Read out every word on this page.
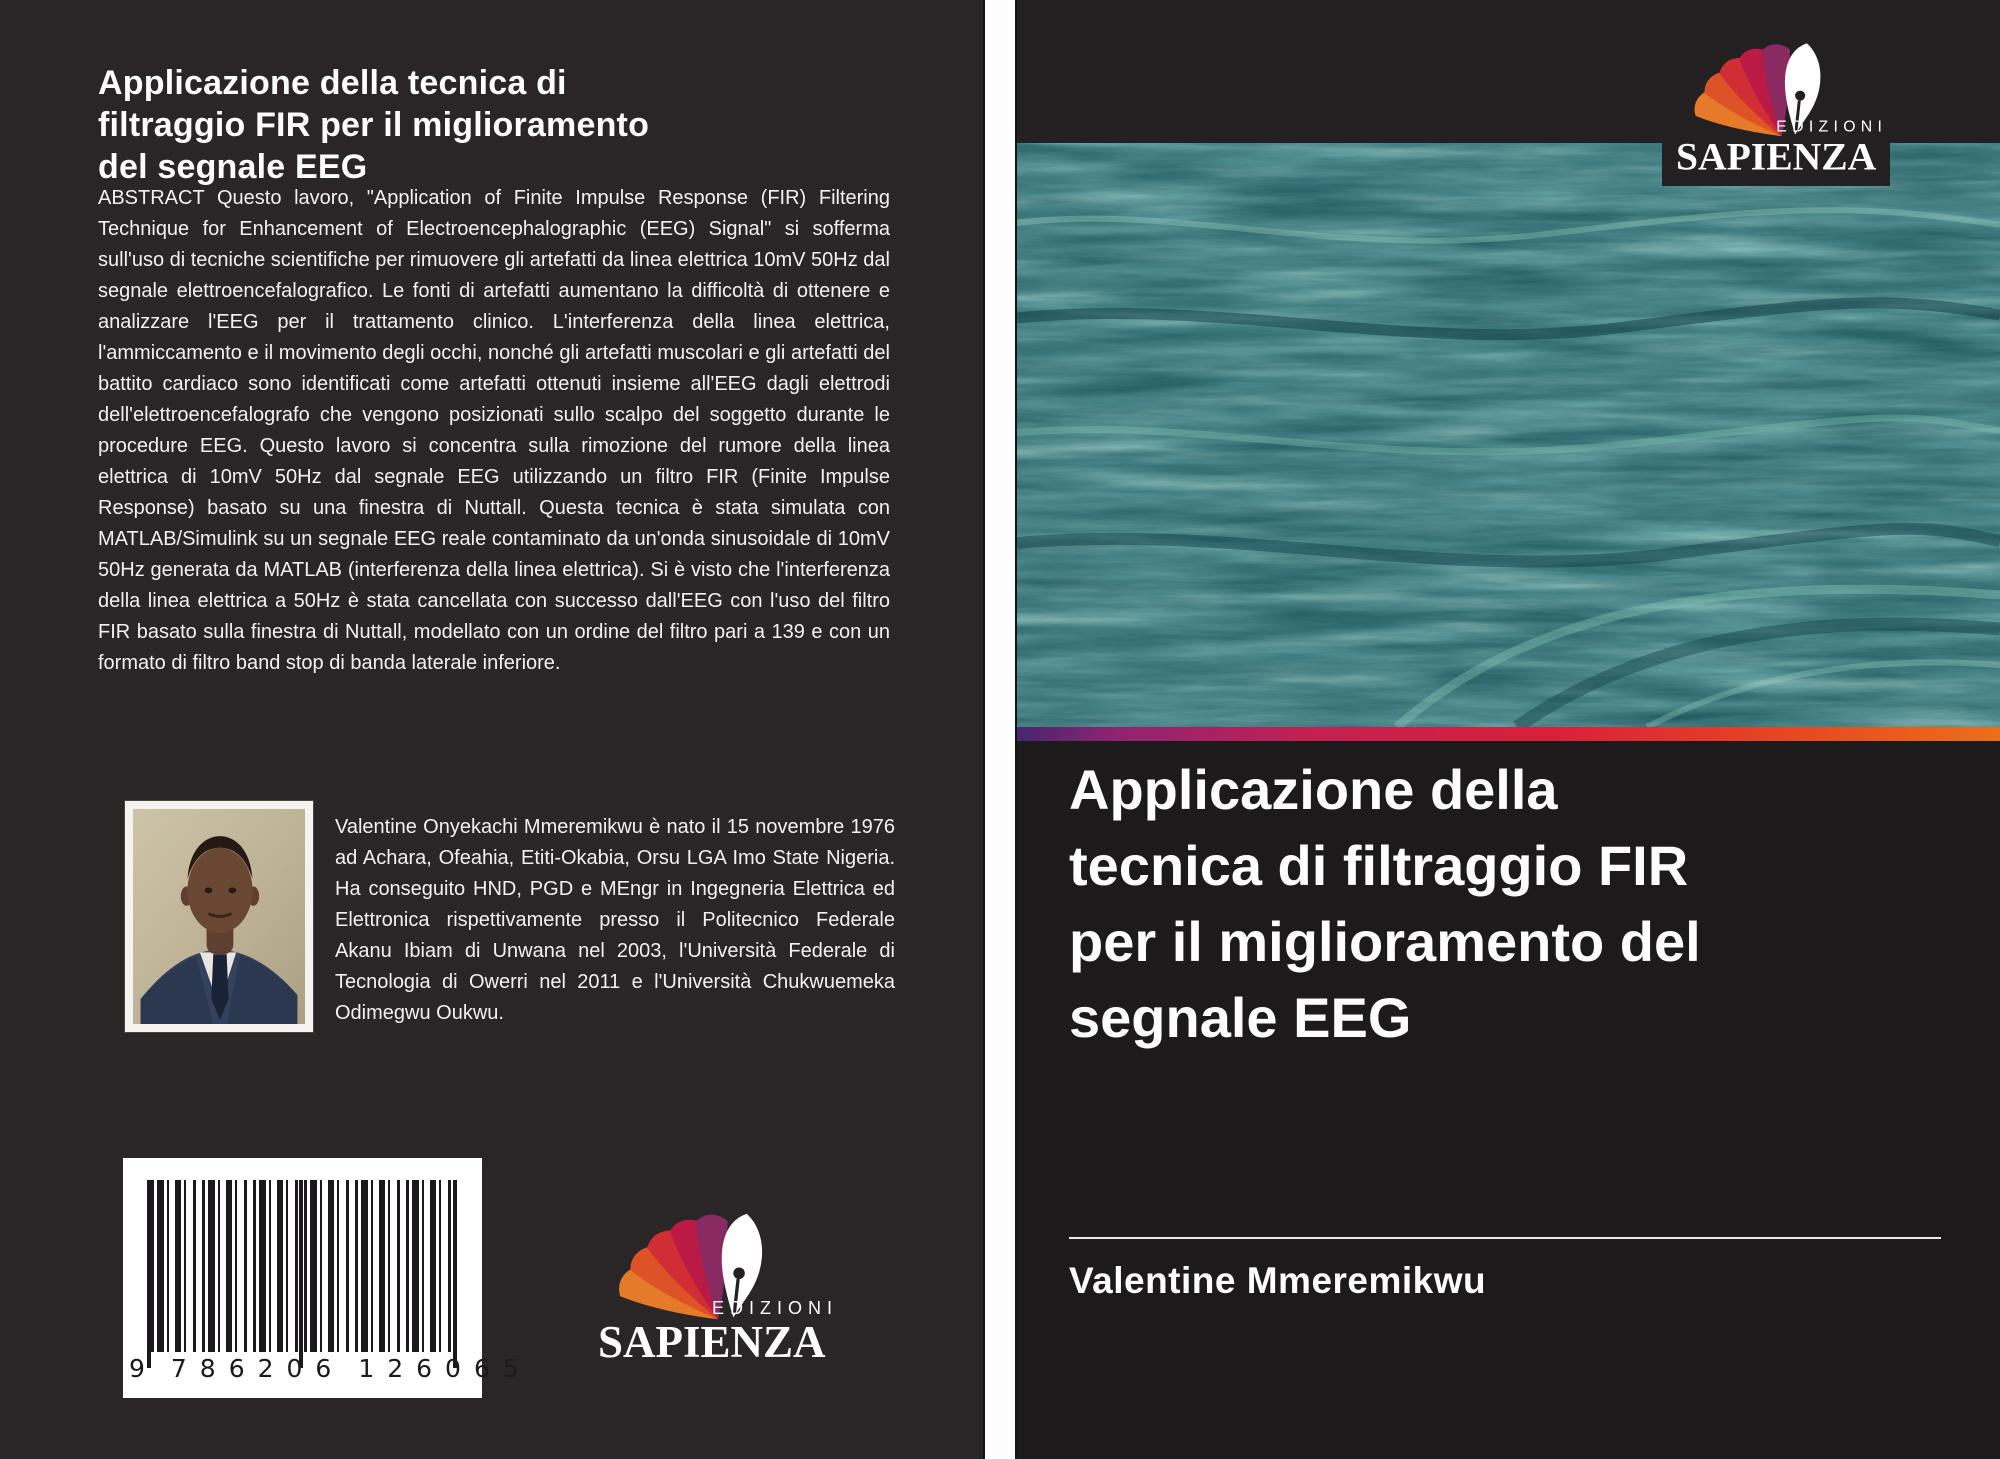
Applicazione della tecnica di
filtraggio FIR per il miglioramento
del segnale EEG
ABSTRACT Questo lavoro, "Application of Finite Impulse Response (FIR) Filtering Technique for Enhancement of Electroencephalographic (EEG) Signal" si sofferma sull'uso di tecniche scientifiche per rimuovere gli artefatti da linea elettrica 10mV 50Hz dal segnale elettroencefalografico. Le fonti di artefatti aumentano la difficoltà di ottenere e analizzare l'EEG per il trattamento clinico. L'interferenza della linea elettrica, l'ammiccamento e il movimento degli occhi, nonché gli artefatti muscolari e gli artefatti del battito cardiaco sono identificati come artefatti ottenuti insieme all'EEG dagli elettrodi dell'elettroencefalografo che vengono posizionati sullo scalpo del soggetto durante le procedure EEG. Questo lavoro si concentra sulla rimozione del rumore della linea elettrica di 10mV 50Hz dal segnale EEG utilizzando un filtro FIR (Finite Impulse Response) basato su una finestra di Nuttall. Questa tecnica è stata simulata con MATLAB/Simulink su un segnale EEG reale contaminato da un'onda sinusoidale di 10mV 50Hz generata da MATLAB (interferenza della linea elettrica). Si è visto che l'interferenza della linea elettrica a 50Hz è stata cancellata con successo dall'EEG con l'uso del filtro FIR basato sulla finestra di Nuttall, modellato con un ordine del filtro pari a 139 e con un formato di filtro band stop di banda laterale inferiore.
Valentine Onyekachi Mmeremikwu è nato il 15 novembre 1976 ad Achara, Ofeahia, Etiti-Okabia, Orsu LGA Imo State Nigeria. Ha conseguito HND, PGD e MEngr in Ingegneria Elettrica ed Elettronica rispettivamente presso il Politecnico Federale Akanu Ibiam di Unwana nel 2003, l'Università Federale di Tecnologia di Owerri nel 2011 e l'Università Chukwuemeka Odimegwu Oukwu.
9 786206 126065
EDIZIONI
SAPIENZA
EDIZIONI
SAPIENZA
Applicazione della
tecnica di filtraggio FIR
per il miglioramento del
segnale EEG
Valentine Mmeremikwu
